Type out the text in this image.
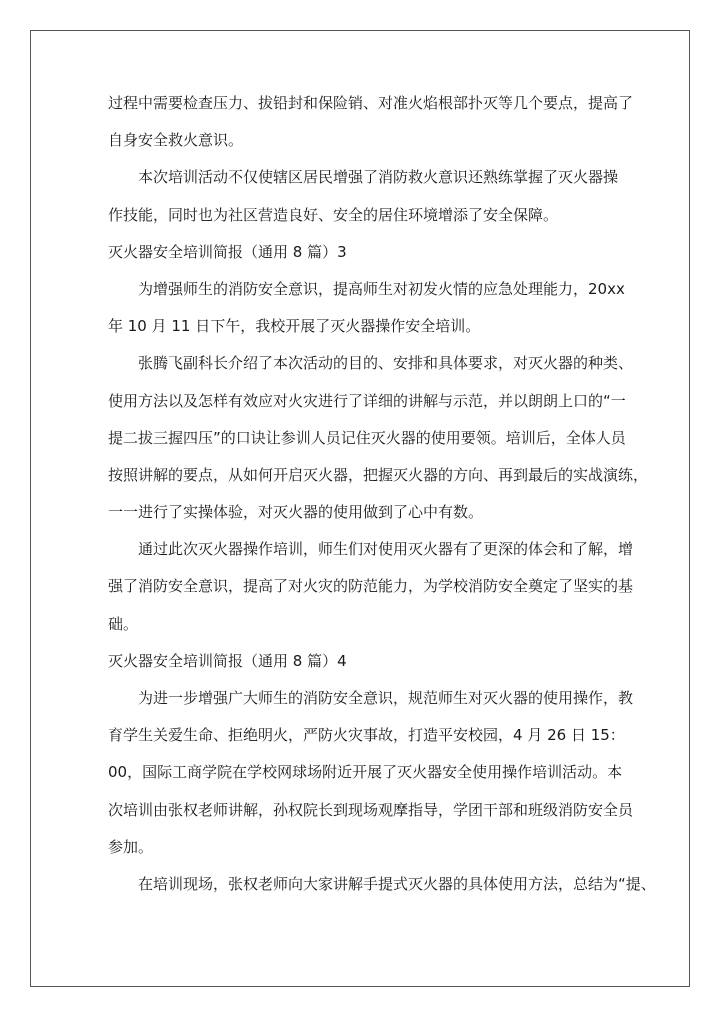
过程中需要检查压力、拔铅封和保险销、对准火焰根部扑灭等几个要点，提高了
自身安全救火意识。
本次培训活动不仅使辖区居民增强了消防救火意识还熟练掌握了灭火器操
作技能，同时也为社区营造良好、安全的居住环境增添了安全保障。
灭火器安全培训简报（通用 8 篇）3
为增强师生的消防安全意识，提高师生对初发火情的应急处理能力，20xx
年 10 月 11 日下午，我校开展了灭火器操作安全培训。
张腾飞副科长介绍了本次活动的目的、安排和具体要求，对灭火器的种类、
使用方法以及怎样有效应对火灾进行了详细的讲解与示范，并以朗朗上口的“一
提二拔三握四压”的口诀让参训人员记住灭火器的使用要领。培训后，全体人员
按照讲解的要点，从如何开启灭火器，把握灭火器的方向、再到最后的实战演练，
一一进行了实操体验，对灭火器的使用做到了心中有数。
通过此次灭火器操作培训，师生们对使用灭火器有了更深的体会和了解，增
强了消防安全意识，提高了对火灾的防范能力，为学校消防安全奠定了坚实的基
础。
灭火器安全培训简报（通用 8 篇）4
为进一步增强广大师生的消防安全意识，规范师生对灭火器的使用操作，教
育学生关爱生命、拒绝明火，严防火灾事故，打造平安校园，4 月 26 日 15：
00，国际工商学院在学校网球场附近开展了灭火器安全使用操作培训活动。本
次培训由张权老师讲解，孙权院长到现场观摩指导，学团干部和班级消防安全员
参加。
在培训现场，张权老师向大家讲解手提式灭火器的具体使用方法，总结为“提、
